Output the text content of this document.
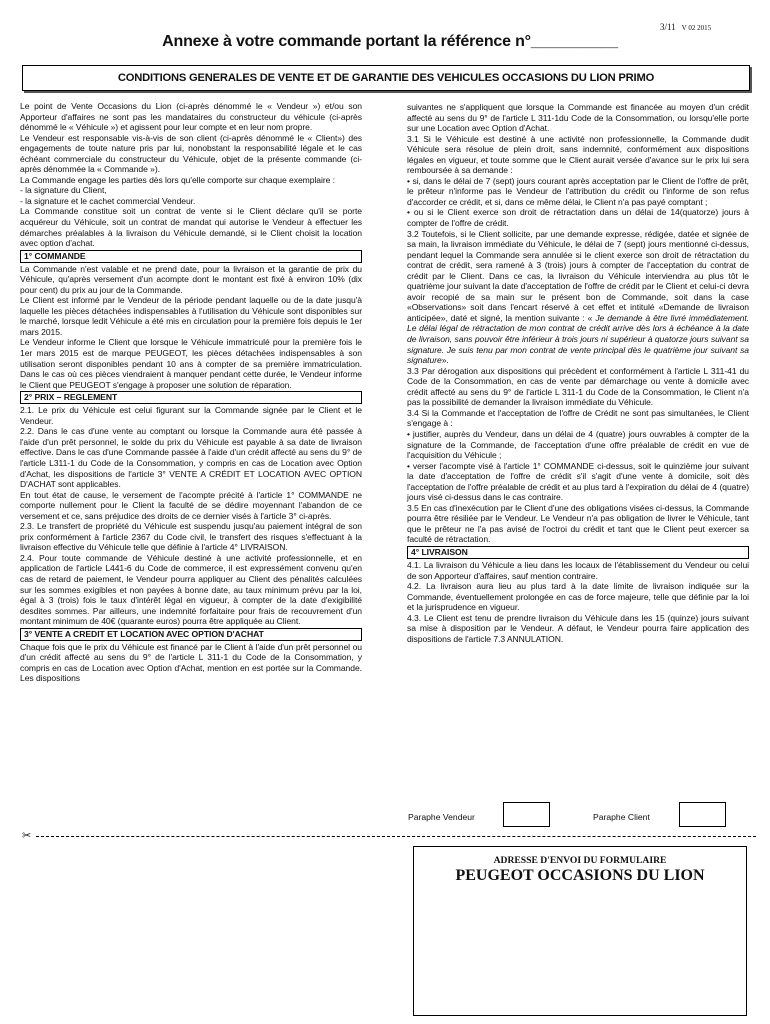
3/11 V 02 2015
Annexe à votre commande portant la référence n°__________
CONDITIONS GENERALES DE VENTE ET DE GARANTIE DES VEHICULES OCCASIONS DU LION PRIMO

Le point de Vente Occasions du Lion (ci-après dénommé le « Vendeur ») et/ou son Apporteur d'affaires ne sont pas les mandataires du constructeur du véhicule (ci-après dénommé le « Véhicule ») et agissent pour leur compte et en leur nom propre.

Le Vendeur est responsable vis-à-vis de son client (ci-après dénommé le « Client») des engagements de toute nature pris par lui, nonobstant la responsabilité légale et le cas échéant commerciale du constructeur du Véhicule, objet de la présente commande (ci-après dénommée la « Commande »).

La Commande engage les parties dès lors qu'elle comporte sur chaque exemplaire :

- la signature du Client,

- la signature et le cachet commercial Vendeur.

La Commande constitue soit un contrat de vente si le Client déclare qu'il se porte acquéreur du Véhicule, soit un contrat de mandat qui autorise le Vendeur à effectuer les démarches préalables à la livraison du Véhicule demandé, si le Client choisit la location avec option d'achat.

1° COMMANDE

La Commande n'est valable et ne prend date, pour la livraison et la garantie de prix du Véhicule, qu'après versement d'un acompte dont le montant est fixé à environ 10% (dix pour cent) du prix au jour de la Commande.

Le Client est informé par le Vendeur de la période pendant laquelle ou de la date jusqu'à laquelle les pièces détachées indispensables à l'utilisation du Véhicule sont disponibles sur le marché, lorsque ledit Véhicule a été mis en circulation pour la première fois depuis le 1er mars 2015.

Le Vendeur informe le Client que lorsque le Véhicule immatriculé pour la première fois le 1er mars 2015 est de marque PEUGEOT, les pièces détachées indispensables à son utilisation seront disponibles pendant 10 ans à compter de sa première immatriculation. Dans le cas où ces pièces viendraient à manquer pendant cette durée, le Vendeur informe le Client que PEUGEOT s'engage à proposer une solution de réparation.

2° PRIX – REGLEMENT

2.1. Le prix du Véhicule est celui figurant sur la Commande signée par le Client et le Vendeur.

2.2. Dans le cas d'une vente au comptant ou lorsque la Commande aura été passée à l'aide d'un prêt personnel, le solde du prix du Véhicule est payable à sa date de livraison effective. Dans le cas d'une Commande passée à l'aide d'un crédit affecté au sens du 9° de l'article L311-1 du Code de la Consommation, y compris en cas de Location avec Option d'Achat, les dispositions de l'article 3° VENTE A CRÉDIT ET LOCATION AVEC OPTION D'ACHAT sont applicables.

En tout état de cause, le versement de l'acompte précité à l'article 1° COMMANDE ne comporte nullement pour le Client la faculté de se dédire moyennant l'abandon de ce versement et ce, sans préjudice des droits de ce dernier visés à l'article 3° ci-après.

2.3. Le transfert de propriété du Véhicule est suspendu jusqu'au paiement intégral de son prix conformément à l'article 2367 du Code civil, le transfert des risques s'effectuant à la livraison effective du Véhicule telle que définie à l'article 4° LIVRAISON.

2.4. Pour toute commande de Véhicule destiné à une activité professionnelle, et en application de l'article L441-6 du Code de commerce, il est expressément convenu qu'en cas de retard de paiement, le Vendeur pourra appliquer au Client des pénalités calculées sur les sommes exigibles et non payées à bonne date, au taux minimum prévu par la loi, égal à 3 (trois) fois le taux d'intérêt légal en vigueur, à compter de la date d'exigibilité desdites sommes. Par ailleurs, une indemnité forfaitaire pour frais de recouvrement d'un montant minimum de 40€ (quarante euros) pourra être appliquée au Client.

3° VENTE A CREDIT ET LOCATION AVEC OPTION D'ACHAT

Chaque fois que le prix du Véhicule est financé par le Client à l'aide d'un prêt personnel ou d'un crédit affecté au sens du 9° de l'article L 311-1 du Code de la Consommation, y compris en cas de Location avec Option d'Achat, mention en est portée sur la Commande. Les dispositions

suivantes ne s'appliquent que lorsque la Commande est financée au moyen d'un crédit affecté au sens du 9° de l'article L 311-1du Code de la Consommation, ou lorsqu'elle porte sur une Location avec Option d'Achat.

3.1 Si le Véhicule est destiné à une activité non professionnelle, la Commande dudit Véhicule sera résolue de plein droit, sans indemnité, conformément aux dispositions légales en vigueur, et toute somme que le Client aurait versée d'avance sur le prix lui sera remboursée à sa demande :

• si, dans le délai de 7 (sept) jours courant après acceptation par le Client de l'offre de prêt, le prêteur n'informe pas le Vendeur de l'attribution du crédit ou l'informe de son refus d'accorder ce crédit, et si, dans ce même délai, le Client n'a pas payé comptant ;

• ou si le Client exerce son droit de rétractation dans un délai de 14(quatorze) jours à compter de l'offre de crédit.

3.2 Toutefois, si le Client sollicite, par une demande expresse, rédigée, datée et signée de sa main, la livraison immédiate du Véhicule, le délai de 7 (sept) jours mentionné ci-dessus, pendant lequel la Commande sera annulée si le client exerce son droit de rétractation du contrat de crédit, sera ramené à 3 (trois) jours à compter de l'acceptation du contrat de crédit par le Client. Dans ce cas, la livraison du Véhicule interviendra au plus tôt le quatrième jour suivant la date d'acceptation de l'offre de crédit par le Client et celui-ci devra avoir recopié de sa main sur le présent bon de Commande, soit dans la case «Observations» soit dans l'encart réservé à cet effet et intitulé «Demande de livraison anticipée», daté et signé, la mention suivante : « Je demande à être livré immédiatement. Le délai légal de rétractation de mon contrat de crédit arrive dès lors à échéance à la date de livraison, sans pouvoir être inférieur à trois jours ni supérieur à quatorze jours suivant sa signature. Je suis tenu par mon contrat de vente principal dès le quatrième jour suivant sa signature».

3.3 Par dérogation aux dispositions qui précèdent et conformément à l'article L 311-41 du Code de la Consommation, en cas de vente par démarchage ou vente à domicile avec crédit affecté au sens du 9° de l'article L 311-1 du Code de la Consommation, le Client n'a pas la possibilité de demander la livraison immédiate du Véhicule.

3.4 Si la Commande et l'acceptation de l'offre de Crédit ne sont pas simultanées, le Client s'engage à :

• justifier, auprès du Vendeur, dans un délai de 4 (quatre) jours ouvrables à compter de la signature de la Commande, de l'acceptation d'une offre préalable de crédit en vue de l'acquisition du Véhicule ;

• verser l'acompte visé à l'article 1° COMMANDE ci-dessus, soit le quinzième jour suivant la date d'acceptation de l'offre de crédit s'il s'agit d'une vente à domicile, soit dès l'acceptation de l'offre préalable de crédit et au plus tard à l'expiration du délai de 4 (quatre) jours visé ci-dessus dans le cas contraire.

3.5 En cas d'inexécution par le Client d'une des obligations visées ci-dessus, la Commande pourra être résiliée par le Vendeur. Le Vendeur n'a pas obligation de livrer le Véhicule, tant que le prêteur ne l'a pas avisé de l'octroi du crédit et tant que le Client peut exercer sa faculté de rétractation.

4° LIVRAISON

4.1. La livraison du Véhicule a lieu dans les locaux de l'établissement du Vendeur ou celui de son Apporteur d'affaires, sauf mention contraire.

4.2. La livraison aura lieu au plus tard à la date limite de livraison indiquée sur la Commande, éventuellement prolongée en cas de force majeure, telle que définie par la loi et la jurisprudence en vigueur.

4.3. Le Client est tenu de prendre livraison du Véhicule dans les 15 (quinze) jours suivant sa mise à disposition par le Vendeur. A défaut, le Vendeur pourra faire application des dispositions de l'article 7.3 ANNULATION.

Paraphe Vendeur	Paraphe Client
✂
ADRESSE D'ENVOI DU FORMULAIRE
PEUGEOT OCCASIONS DU LION
